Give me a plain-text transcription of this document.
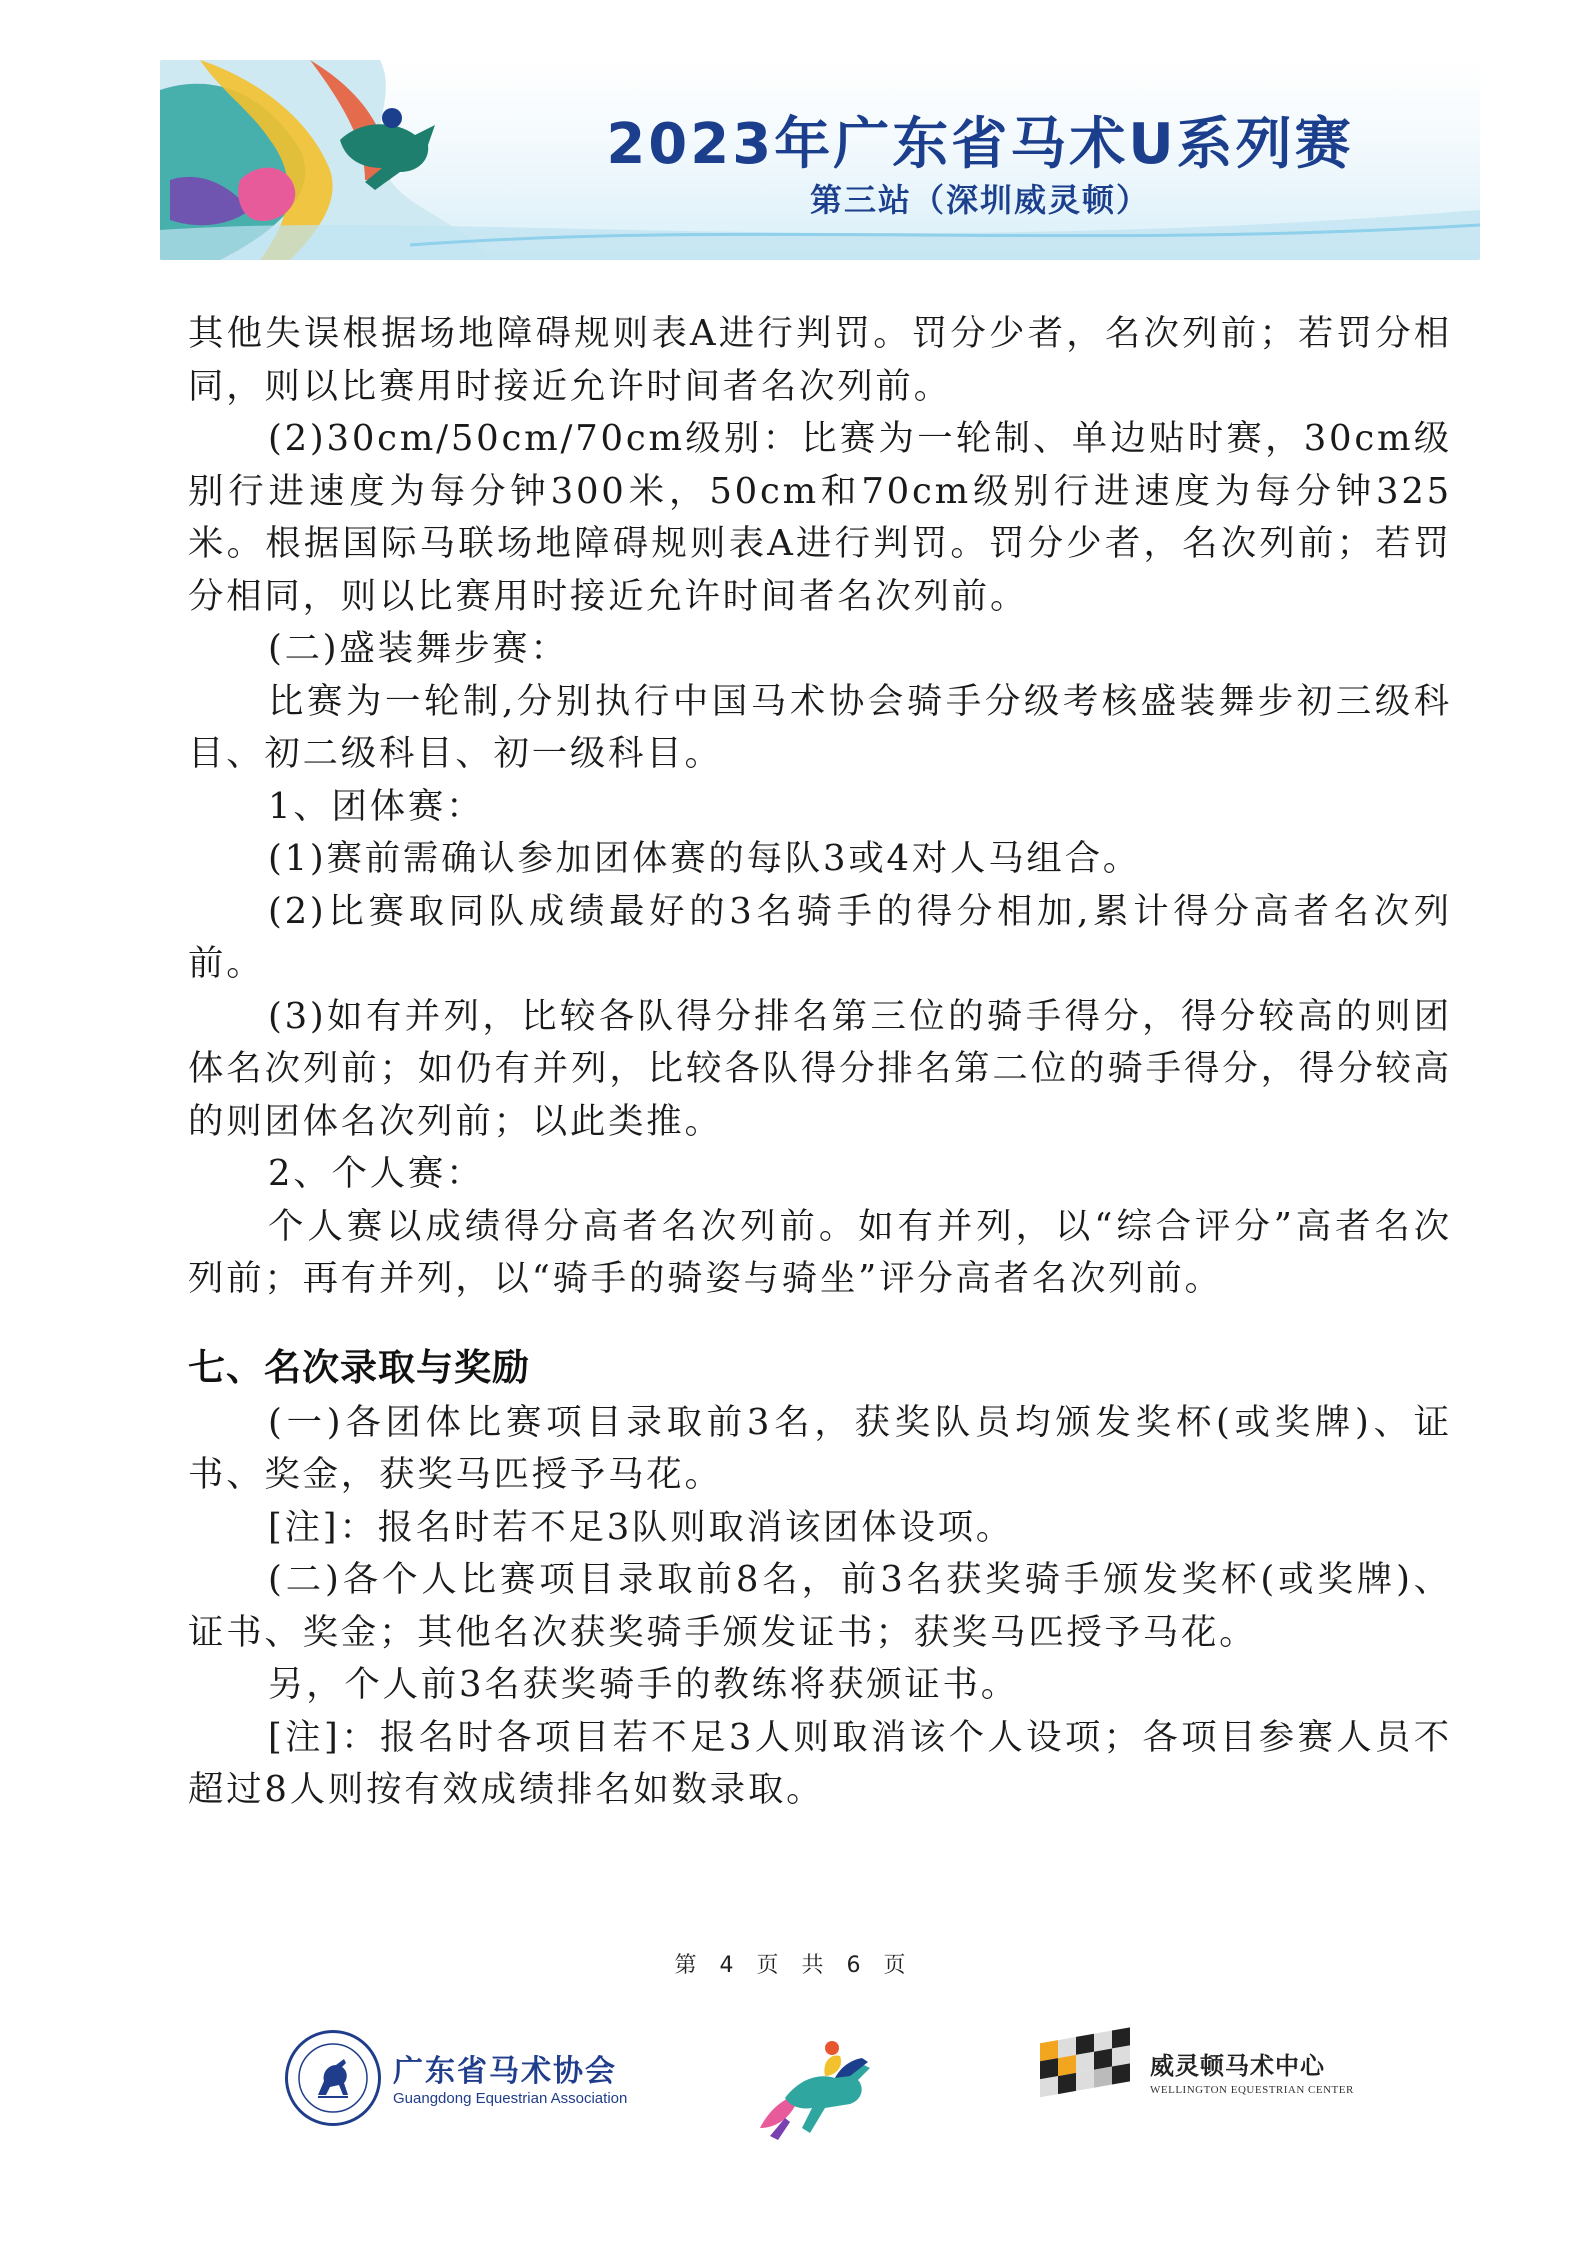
2023年广东省马术U系列赛
第三站（深圳威灵顿）

其他失误根据场地障碍规则表A进行判罚。罚分少者，名次列前；若罚分相同，则以比赛用时接近允许时间者名次列前。

(2)30cm/50cm/70cm级别：比赛为一轮制、单边贴时赛，30cm级别行进速度为每分钟300米，50cm和70cm级别行进速度为每分钟325米。根据国际马联场地障碍规则表A进行判罚。罚分少者，名次列前；若罚分相同，则以比赛用时接近允许时间者名次列前。

(二)盛装舞步赛：

比赛为一轮制,分别执行中国马术协会骑手分级考核盛装舞步初三级科目、初二级科目、初一级科目。

1、团体赛：

(1)赛前需确认参加团体赛的每队3或4对人马组合。

(2)比赛取同队成绩最好的3名骑手的得分相加,累计得分高者名次列前。

(3)如有并列，比较各队得分排名第三位的骑手得分，得分较高的则团体名次列前；如仍有并列，比较各队得分排名第二位的骑手得分，得分较高的则团体名次列前；以此类推。

2、个人赛：

个人赛以成绩得分高者名次列前。如有并列，以“综合评分”高者名次列前；再有并列，以“骑手的骑姿与骑坐”评分高者名次列前。

七、名次录取与奖励

(一)各团体比赛项目录取前3名，获奖队员均颁发奖杯(或奖牌)、证书、奖金，获奖马匹授予马花。

[注]：报名时若不足3队则取消该团体设项。

(二)各个人比赛项目录取前8名，前3名获奖骑手颁发奖杯(或奖牌)、证书、奖金；其他名次获奖骑手颁发证书；获奖马匹授予马花。

另，个人前3名获奖骑手的教练将获颁证书。

[注]：报名时各项目若不足3人则取消该个人设项；各项目参赛人员不超过8人则按有效成绩排名如数录取。

第 4 页 共 6 页
广东省马术协会
Guangdong Equestrian Association
威灵顿马术中心
WELLINGTON EQUESTRIAN CENTER
